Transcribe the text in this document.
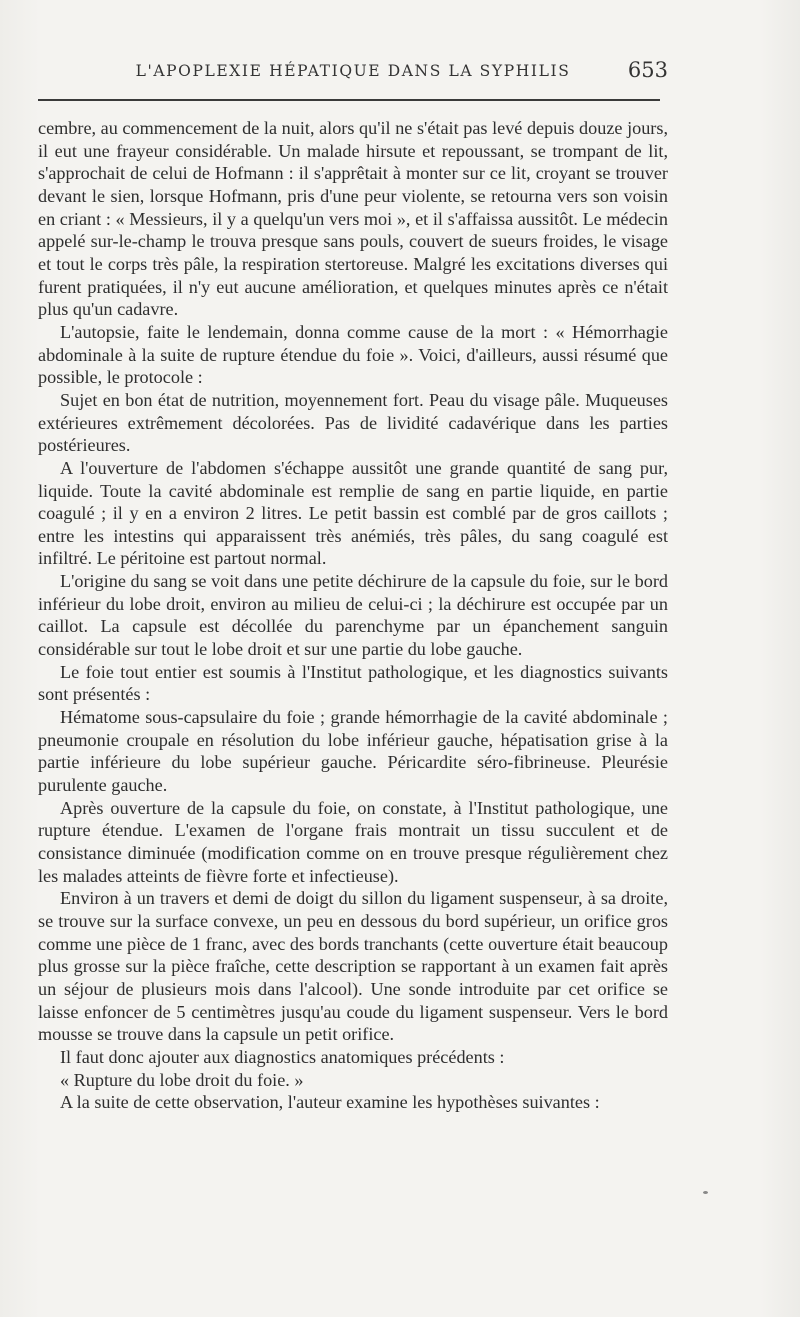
L'APOPLEXIE HÉPATIQUE DANS LA SYPHILIS	653

cembre, au commencement de la nuit, alors qu'il ne s'était pas levé depuis douze jours, il eut une frayeur considérable. Un malade hirsute et repoussant, se trompant de lit, s'approchait de celui de Hofmann : il s'apprêtait à monter sur ce lit, croyant se trouver devant le sien, lorsque Hofmann, pris d'une peur violente, se retourna vers son voisin en criant : « Messieurs, il y a quelqu'un vers moi », et il s'affaissa aussitôt. Le médecin appelé sur-le-champ le trouva presque sans pouls, couvert de sueurs froides, le visage et tout le corps très pâle, la respiration stertoreuse. Malgré les excitations diverses qui furent pratiquées, il n'y eut aucune amélioration, et quelques minutes après ce n'était plus qu'un cadavre.

L'autopsie, faite le lendemain, donna comme cause de la mort : « Hémorrhagie abdominale à la suite de rupture étendue du foie ». Voici, d'ailleurs, aussi résumé que possible, le protocole :

Sujet en bon état de nutrition, moyennement fort. Peau du visage pâle. Muqueuses extérieures extrêmement décolorées. Pas de lividité cadavérique dans les parties postérieures.

A l'ouverture de l'abdomen s'échappe aussitôt une grande quantité de sang pur, liquide. Toute la cavité abdominale est remplie de sang en partie liquide, en partie coagulé ; il y en a environ 2 litres. Le petit bassin est comblé par de gros caillots ; entre les intestins qui apparaissent très anémiés, très pâles, du sang coagulé est infiltré. Le péritoine est partout normal.

L'origine du sang se voit dans une petite déchirure de la capsule du foie, sur le bord inférieur du lobe droit, environ au milieu de celui-ci ; la déchirure est occupée par un caillot. La capsule est décollée du parenchyme par un épanchement sanguin considérable sur tout le lobe droit et sur une partie du lobe gauche.

Le foie tout entier est soumis à l'Institut pathologique, et les diagnostics suivants sont présentés :

Hématome sous-capsulaire du foie ; grande hémorrhagie de la cavité abdominale ; pneumonie croupale en résolution du lobe inférieur gauche, hépatisation grise à la partie inférieure du lobe supérieur gauche. Péricardite séro-fibrineuse. Pleurésie purulente gauche.

Après ouverture de la capsule du foie, on constate, à l'Institut pathologique, une rupture étendue. L'examen de l'organe frais montrait un tissu succulent et de consistance diminuée (modification comme on en trouve presque régulièrement chez les malades atteints de fièvre forte et infectieuse).

Environ à un travers et demi de doigt du sillon du ligament suspenseur, à sa droite, se trouve sur la surface convexe, un peu en dessous du bord supérieur, un orifice gros comme une pièce de 1 franc, avec des bords tranchants (cette ouverture était beaucoup plus grosse sur la pièce fraîche, cette description se rapportant à un examen fait après un séjour de plusieurs mois dans l'alcool). Une sonde introduite par cet orifice se laisse enfoncer de 5 centimètres jusqu'au coude du ligament suspenseur. Vers le bord mousse se trouve dans la capsule un petit orifice.

Il faut donc ajouter aux diagnostics anatomiques précédents :

« Rupture du lobe droit du foie. »

A la suite de cette observation, l'auteur examine les hypothèses suivantes :
